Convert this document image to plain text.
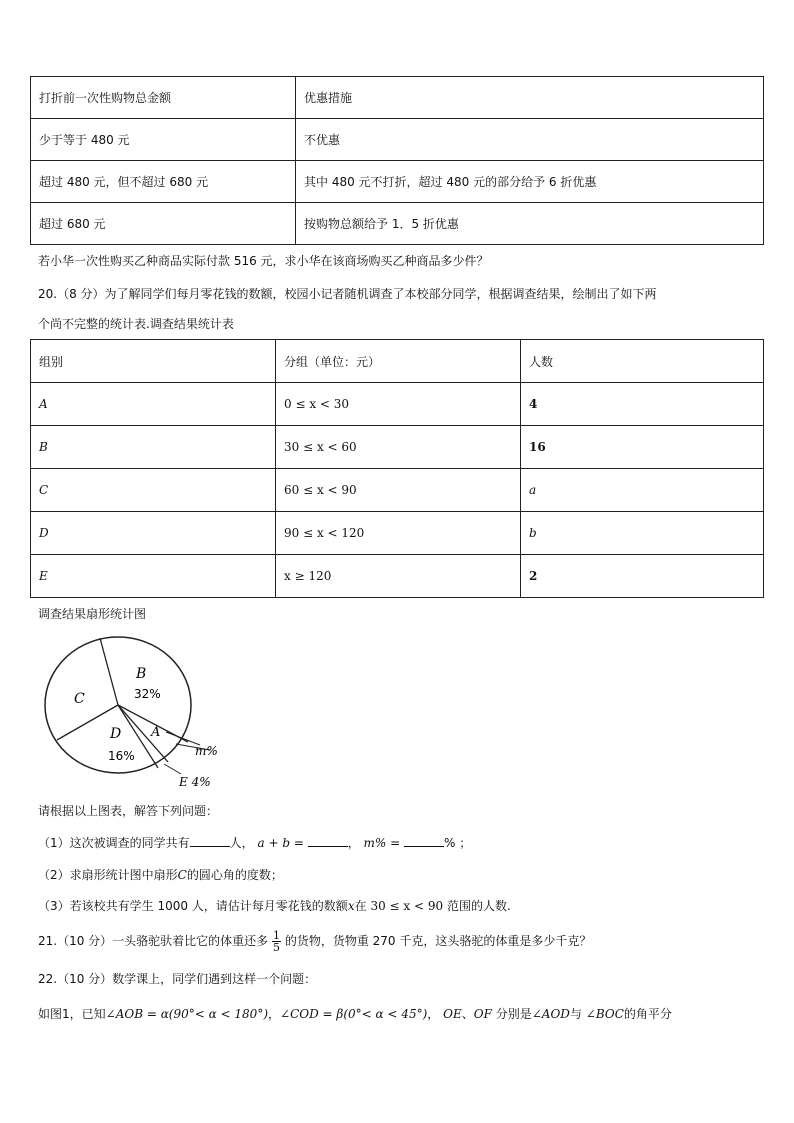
打折前一次性购物总金额	优惠措施
少于等于 480 元	不优惠
超过 480 元，但不超过 680 元	其中 480 元不打折，超过 480 元的部分给予 6 折优惠
超过 680 元	按购物总额给予 1．5 折优惠
若小华一次性购买乙种商品实际付款 516 元，求小华在该商场购买乙种商品多少件？
20.（8 分）为了解同学们每月零花钱的数额，校园小记者随机调查了本校部分同学，根据调查结果，绘制出了如下两
个尚不完整的统计表.调查结果统计表
组别	分组（单位：元）	人数
A	0 ≤ x < 30	4
B	30 ≤ x < 60	16
C	60 ≤ x < 90	a
D	90 ≤ x < 120	b
E	x ≥ 120	2
调查结果扇形统计图
B
32%
C
D
16%
A
m%
E 4%
请根据以上图表，解答下列问题：
（1）这次被调查的同学共有	人， a + b =	， m% =	% ；
（2）求扇形统计图中扇形C的圆心角的度数；
（3）若该校共有学生 1000 人，请估计每月零花钱的数额x在 30 ≤ x < 90 范围的人数.
21.（10 分）一头骆驼驮着比它的体重还多 $\frac{1}{5}$ 的货物，货物重 270 千克，这头骆驼的体重是多少千克？
22.（10 分）数学课上，同学们遇到这样一个问题：
如图1，已知∠AOB = α(90°< α < 180°)，∠COD = β(0°< α < 45°)， OE、OF 分别是∠AOD与 ∠BOC的角平分
